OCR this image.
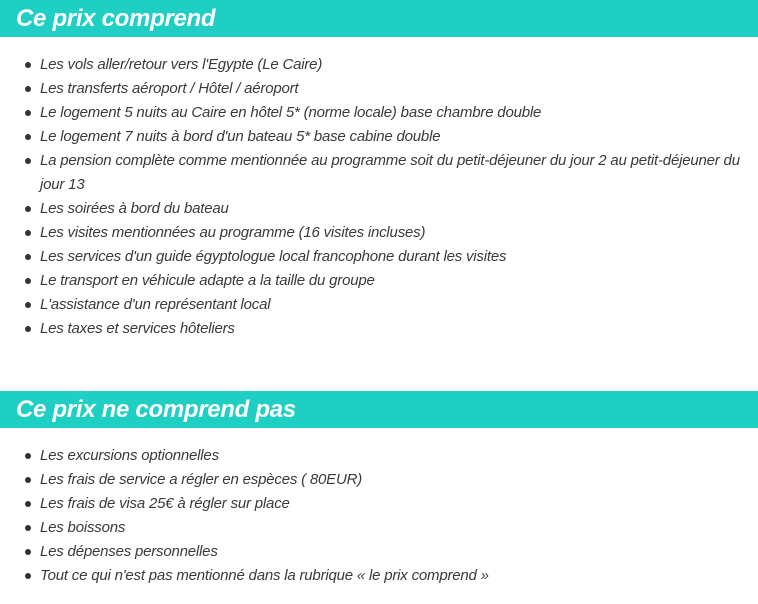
Ce prix comprend
Les vols aller/retour vers l'Egypte (Le Caire)
Les transferts aéroport / Hôtel / aéroport
Le logement 5 nuits au Caire en hôtel 5* (norme locale) base chambre double
Le logement 7 nuits à bord d'un bateau 5* base cabine double
La pension complète comme mentionnée au programme soit du petit-déjeuner du jour 2 au petit-déjeuner du jour 13
Les soirées à bord du bateau
Les visites mentionnées au programme (16 visites incluses)
Les services d'un guide égyptologue local francophone durant les visites
Le transport en véhicule adapte a la taille du groupe
L'assistance d'un représentant local
Les taxes et services hôteliers
Ce prix ne comprend pas
Les excursions optionnelles
Les frais de service a régler en espèces ( 80EUR)
Les frais de visa 25€ à régler sur place
Les boissons
Les dépenses personnelles
Tout ce qui n'est pas mentionné dans la rubrique « le prix comprend »
